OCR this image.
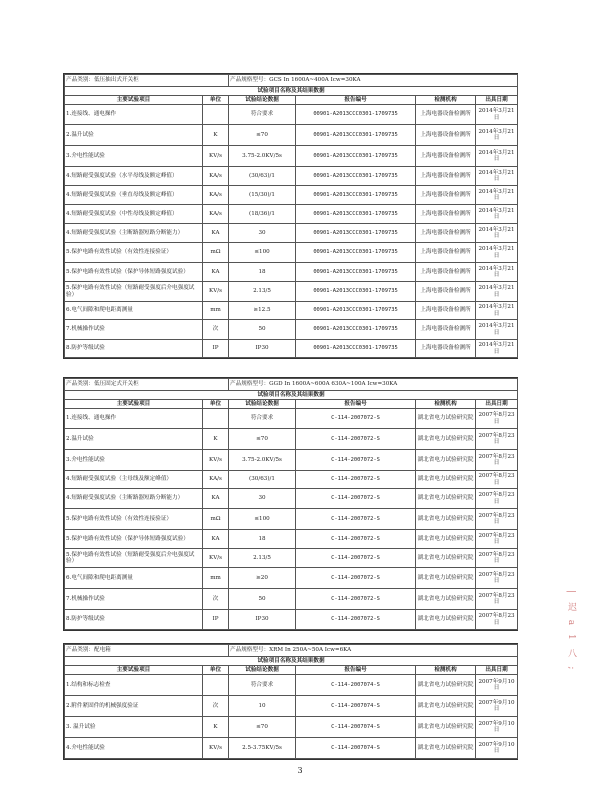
产品类别：低压抽出式开关柜		产品规格型号：GCS In 1600A~400A Icw=30KA			
试验项目名称及其结果数据					
主要试验项目	单位	试验结论数据	报告编号	检测机构	出具日期
1.连接线、通电操作		符合要求	00901-A2013CCC0301-1709735	上海电器设备检测所	2014年3月21日
2.温升试验	K	≤70	00901-A2013CCC0301-1709735	上海电器设备检测所	2014年3月21日
3.介电性能试验	KV/s	3.75-2.0KV/5s	00901-A2013CCC0301-1709735	上海电器设备检测所	2014年3月21日
4.短路耐受强度试验（水平母线及额定峰值）	KA/s	(30/63)/1	00901-A2013CCC0301-1709735	上海电器设备检测所	2014年3月21日
4.短路耐受强度试验（垂直母线及额定峰值）	KA/s	(15/30)/1	00901-A2013CCC0301-1709735	上海电器设备检测所	2014年3月21日
4.短路耐受强度试验（中性母线及额定峰值）	KA/s	(18/36)/1	00901-A2013CCC0301-1709735	上海电器设备检测所	2014年3月21日
4.短路耐受强度试验（主断路器短路分断能力）	KA	30	00901-A2013CCC0301-1709735	上海电器设备检测所	2014年3月21日
5.保护电路有效性试验（有效性连接验证）	mΩ	≤100	00901-A2013CCC0301-1709735	上海电器设备检测所	2014年3月21日
5.保护电路有效性试验（保护导体短路强度试验）	KA	18	00901-A2013CCC0301-1709735	上海电器设备检测所	2014年3月21日
5.保护电路有效性试验（短路耐受强度后介电强度试验）	KV/s	2.13/5	00901-A2013CCC0301-1709735	上海电器设备检测所	2014年3月21日
6.电气间隙和爬电距离测量	mm	≥12.5	00901-A2013CCC0301-1709735	上海电器设备检测所	2014年3月21日
7.机械操作试验	次	50	00901-A2013CCC0301-1709735	上海电器设备检测所	2014年3月21日
8.防护等级试验	IP	IP30	00901-A2013CCC0301-1709735	上海电器设备检测所	2014年3月21日
产品类别：低压固定式开关柜		产品规格型号：GGD In 1600A~600A 630A~100A Icw=30KA			
试验项目名称及其结果数据					
主要试验项目	单位	试验结论数据	报告编号	检测机构	出具日期
1.连接线、通电操作		符合要求	C-114-2007072-S	湖北省电力试验研究院	2007年8月23日
2.温升试验	K	≤70	C-114-2007072-S	湖北省电力试验研究院	2007年8月23日
3.介电性能试验	KV/s	3.75-2.0KV/5s	C-114-2007072-S	湖北省电力试验研究院	2007年8月23日
4.短路耐受强度试验（主母线及额定峰值）	KA/s	(30/63)/1	C-114-2007072-S	湖北省电力试验研究院	2007年8月23日
4.短路耐受强度试验（主断路器短路分断能力）	KA	30	C-114-2007072-S	湖北省电力试验研究院	2007年8月23日
5.保护电路有效性试验（有效性连接验证）	mΩ	≤100	C-114-2007072-S	湖北省电力试验研究院	2007年8月23日
5.保护电路有效性试验（保护导体短路强度试验）	KA	18	C-114-2007072-S	湖北省电力试验研究院	2007年8月23日
5.保护电路有效性试验（短路耐受强度后介电强度试验）	KV/s	2.13/5	C-114-2007072-S	湖北省电力试验研究院	2007年8月23日
6.电气间隙和爬电距离测量	mm	≥20	C-114-2007072-S	湖北省电力试验研究院	2007年8月23日
7.机械操作试验	次	50	C-114-2007072-S	湖北省电力试验研究院	2007年8月23日
8.防护等级试验	IP	IP30	C-114-2007072-S	湖北省电力试验研究院	2007年8月23日
产品类别：配电箱		产品规格型号：XRM In 250A~50A Icw=6KA			
试验项目名称及其结果数据					
主要试验项目	单位	试验结论数据	报告编号	检测机构	出具日期
1.结构和标志检查		符合要求	C-114-2007074-S	湖北省电力试验研究院	2007年9月10日
2.附件紧固件的机械强度验证	次	10	C-114-2007074-S	湖北省电力试验研究院	2007年9月10日
3. 温升试验	K	≤70	C-114-2007074-S	湖北省电力试验研究院	2007年9月10日
4.介电性能试验	KV/s	2.5-3.75KV/5s	C-114-2007074-S	湖北省电力试验研究院	2007年9月10日
| 迟 a 1 八 ;
3
